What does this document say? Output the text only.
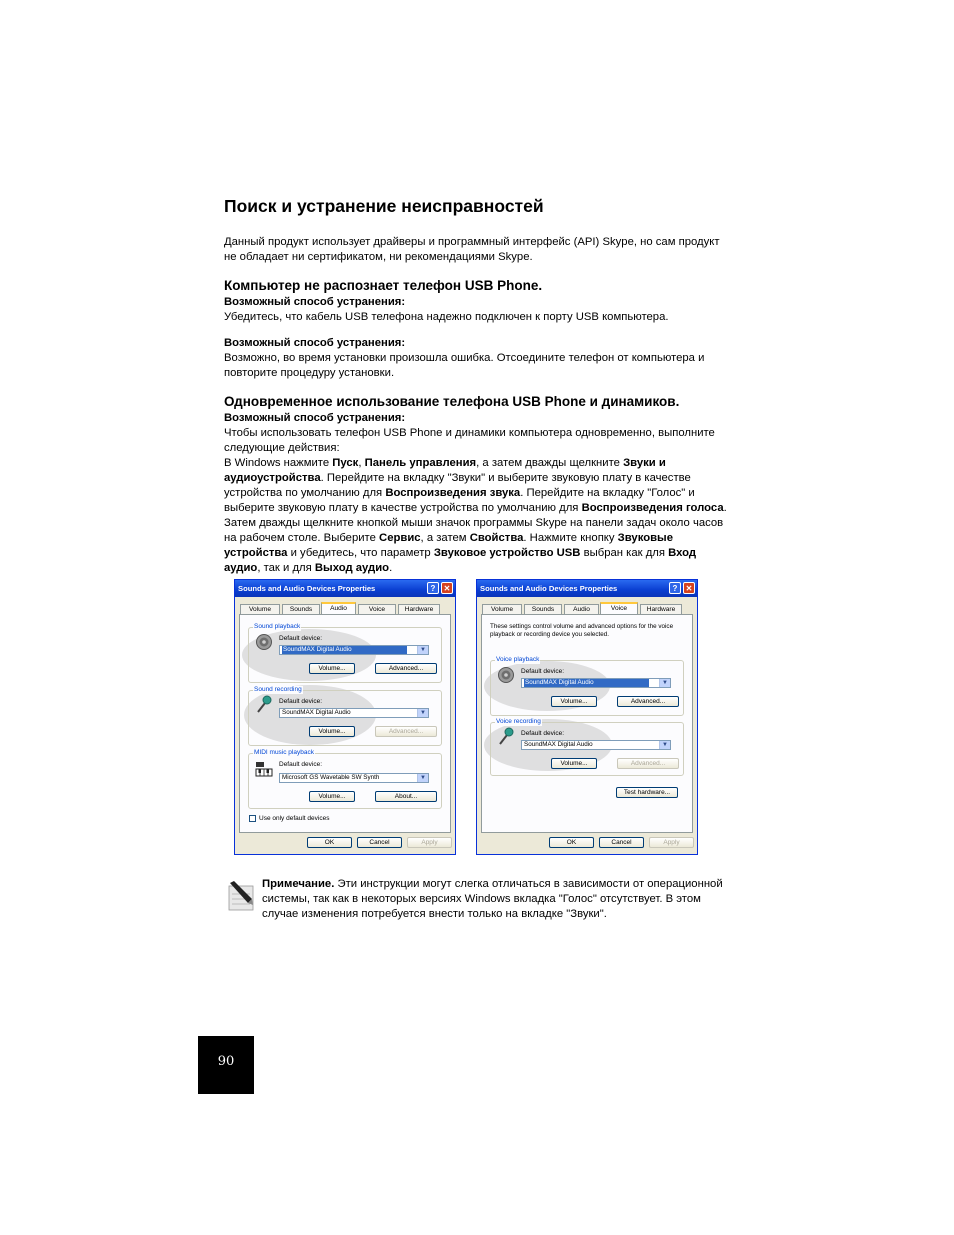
Поиск и устранение неисправностей

Данный продукт использует драйверы и программный интерфейс (API) Skype, но сам продукт не обладает ни сертификатом, ни рекомендациями Skype.

Компьютер не распознает телефон USB Phone.
Возможный способ устранения:

Убедитесь, что кабель USB телефона надежно подключен к порту USB компьютера.

Возможный способ устранения:

Возможно, во время установки произошла ошибка. Отсоедините телефон от компьютера и повторите процедуру установки.

Одновременное использование телефона USB Phone и динамиков.
Возможный способ устранения:

Чтобы использовать телефон USB Phone и динамики компьютера одновременно, выполните следующие действия:

В Windows нажмите Пуск, Панель управления, а затем дважды щелкните Звуки и аудиоустройства. Перейдите на вкладку "Звуки" и выберите звуковую плату в качестве устройства по умолчанию для Воспроизведения звука. Перейдите на вкладку "Голос" и выберите звуковую плату в качестве устройства по умолчанию для Воспроизведения голоса. Затем дважды щелкните кнопкой мыши значок программы Skype на панели задач около часов на рабочем столе. Выберите Сервис, а затем Свойства. Нажмите кнопку Звуковые устройства и убедитесь, что параметр Звуковое устройство USB выбран как для Вход аудио, так и для Выход аудио.

Sounds and Audio Devices Properties	?	✕
Volume	Sounds	Audio	Voice	Hardware
Sound playback
Default device:
SoundMAX Digital Audio	▼
Volume...	Advanced...
Sound recording
Default device:
SoundMAX Digital Audio	▼
Volume...	Advanced...
MIDI music playback
Default device:
Microsoft GS Wavetable SW Synth	▼
Volume...	About...
Use only default devices
OK	Cancel	Apply
Sounds and Audio Devices Properties	?	✕
Volume	Sounds	Audio	Voice	Hardware
These settings control volume and advanced options for the voice playback or recording device you selected.
Voice playback
Default device:
SoundMAX Digital Audio	▼
Volume...	Advanced...
Voice recording
Default device:
SoundMAX Digital Audio	▼
Volume...	Advanced...
Test hardware...
OK	Cancel	Apply
Примечание. Эти инструкции могут слегка отличаться в зависимости от операционной системы, так как в некоторых версиях Windows вкладка "Голос" отсутствует. В этом случае изменения потребуется внести только на вкладке "Звуки".
90
